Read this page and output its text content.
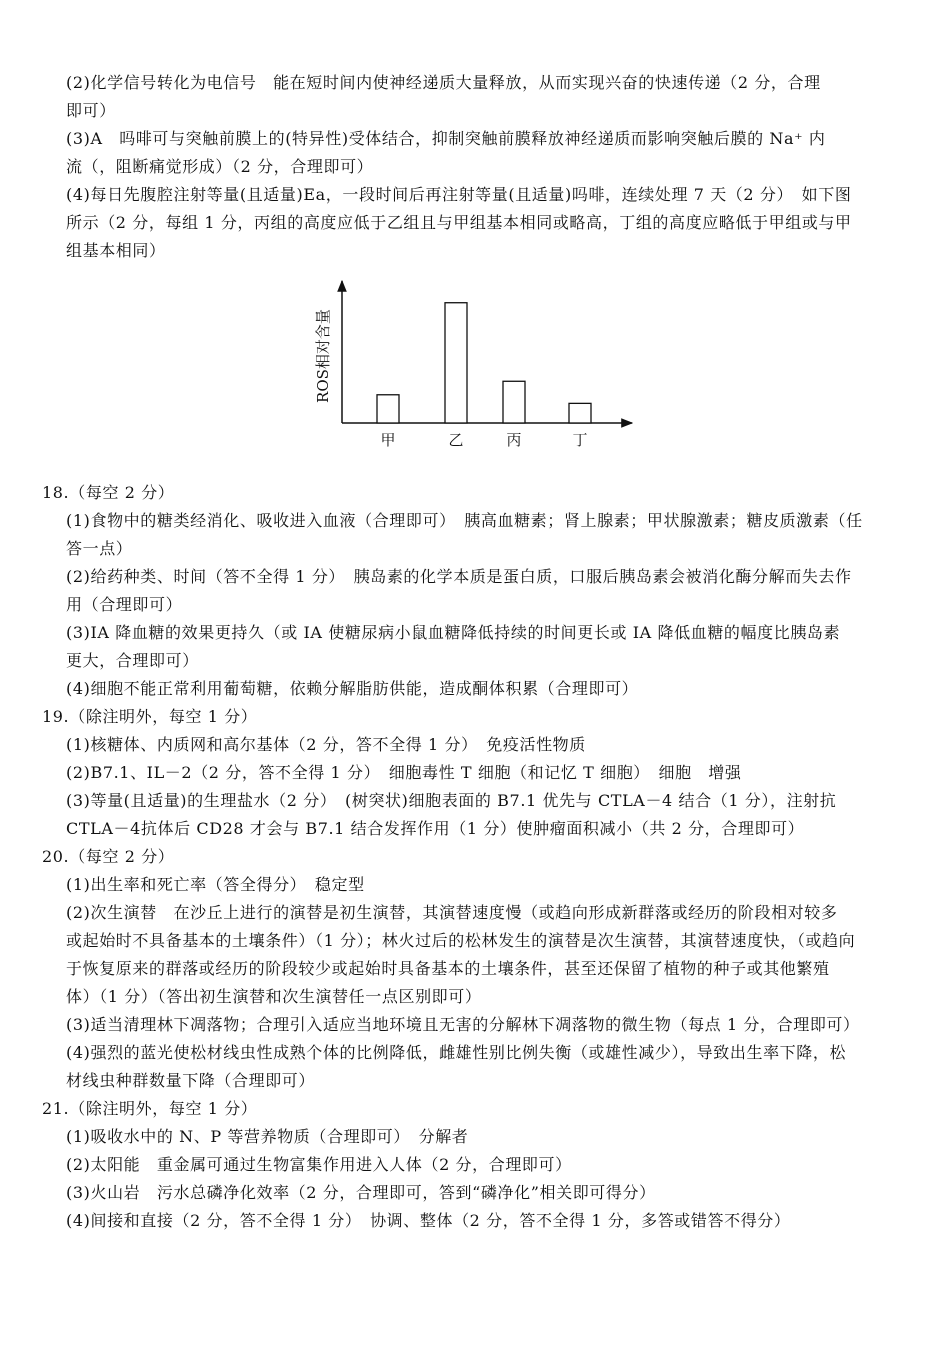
(2)化学信号转化为电信号　能在短时间内使神经递质大量释放，从而实现兴奋的快速传递（2 分，合理
即可）
(3)A　吗啡可与突触前膜上的(特异性)受体结合，抑制突触前膜释放神经递质而影响突触后膜的 Na⁺ 内
流（，阻断痛觉形成）（2 分，合理即可）
(4)每日先腹腔注射等量(且适量)Ea，一段时间后再注射等量(且适量)吗啡，连续处理 7 天（2 分）　如下图
所示（2 分，每组 1 分，丙组的高度应低于乙组且与甲组基本相同或略高，丁组的高度应略低于甲组或与甲
组基本相同）
18.（每空 2 分）
(1)食物中的糖类经消化、吸收进入血液（合理即可）　胰高血糖素；肾上腺素；甲状腺激素；糖皮质激素（任
答一点）
(2)给药种类、时间（答不全得 1 分）　胰岛素的化学本质是蛋白质，口服后胰岛素会被消化酶分解而失去作
用（合理即可）
(3)IA 降血糖的效果更持久（或 IA 使糖尿病小鼠血糖降低持续的时间更长或 IA 降低血糖的幅度比胰岛素
更大，合理即可）
(4)细胞不能正常利用葡萄糖，依赖分解脂肪供能，造成酮体积累（合理即可）
19.（除注明外，每空 1 分）
(1)核糖体、内质网和高尔基体（2 分，答不全得 1 分）　免疫活性物质
(2)B7.1、IL－2（2 分，答不全得 1 分）　细胞毒性 T 细胞（和记忆 T 细胞）　细胞　增强
(3)等量(且适量)的生理盐水（2 分）　(树突状)细胞表面的 B7.1 优先与 CTLA－4 结合（1 分），注射抗
CTLA－4抗体后 CD28 才会与 B7.1 结合发挥作用（1 分）使肿瘤面积减小（共 2 分，合理即可）
20.（每空 2 分）
(1)出生率和死亡率（答全得分）　稳定型
(2)次生演替　在沙丘上进行的演替是初生演替，其演替速度慢（或趋向形成新群落或经历的阶段相对较多
或起始时不具备基本的土壤条件）（1 分）；林火过后的松林发生的演替是次生演替，其演替速度快，（或趋向
于恢复原来的群落或经历的阶段较少或起始时具备基本的土壤条件，甚至还保留了植物的种子或其他繁殖
体）（1 分）（答出初生演替和次生演替任一点区别即可）
(3)适当清理林下凋落物；合理引入适应当地环境且无害的分解林下凋落物的微生物（每点 1 分，合理即可）
(4)强烈的蓝光使松材线虫性成熟个体的比例降低，雌雄性别比例失衡（或雄性减少），导致出生率下降，松
材线虫种群数量下降（合理即可）
21.（除注明外，每空 1 分）
(1)吸收水中的 N、P 等营养物质（合理即可）　分解者
(2)太阳能　重金属可通过生物富集作用进入人体（2 分，合理即可）
(3)火山岩　污水总磷净化效率（2 分，合理即可，答到“磷净化”相关即可得分）
(4)间接和直接（2 分，答不全得 1 分）　协调、整体（2 分，答不全得 1 分，多答或错答不得分）
ROS相对含量
甲	乙	丙	丁
